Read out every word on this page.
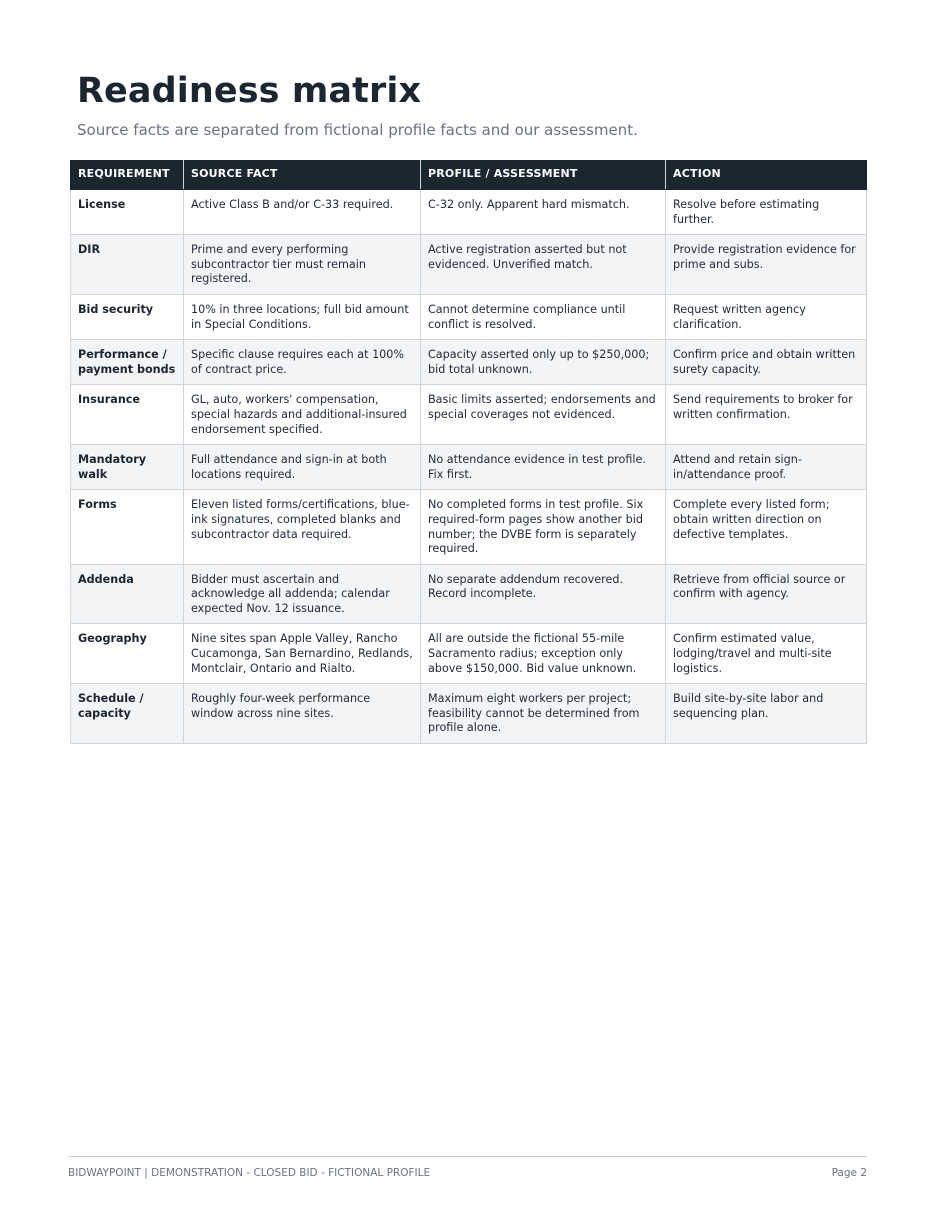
Readiness matrix

Source facts are separated from fictional profile facts and our assessment.

REQUIREMENT	SOURCE FACT	PROFILE / ASSESSMENT	ACTION
License	Active Class B and/or C-33 required.	C-32 only. Apparent hard mismatch.	Resolve before estimating further.
DIR	Prime and every performing subcontractor tier must remain registered.	Active registration asserted but not evidenced. Unverified match.	Provide registration evidence for prime and subs.
Bid security	10% in three locations; full bid amount in Special Conditions.	Cannot determine compliance until conflict is resolved.	Request written agency clarification.
Performance / payment bonds	Specific clause requires each at 100% of contract price.	Capacity asserted only up to $250,000; bid total unknown.	Confirm price and obtain written surety capacity.
Insurance	GL, auto, workers' compensation, special hazards and additional-insured endorsement specified.	Basic limits asserted; endorsements and special coverages not evidenced.	Send requirements to broker for written confirmation.
Mandatory walk	Full attendance and sign-in at both locations required.	No attendance evidence in test profile. Fix first.	Attend and retain sign-in/attendance proof.
Forms	Eleven listed forms/certifications, blue-ink signatures, completed blanks and subcontractor data required.	No completed forms in test profile. Six required-form pages show another bid number; the DVBE form is separately required.	Complete every listed form; obtain written direction on defective templates.
Addenda	Bidder must ascertain and acknowledge all addenda; calendar expected Nov. 12 issuance.	No separate addendum recovered. Record incomplete.	Retrieve from official source or confirm with agency.
Geography	Nine sites span Apple Valley, Rancho Cucamonga, San Bernardino, Redlands, Montclair, Ontario and Rialto.	All are outside the fictional 55-mile Sacramento radius; exception only above $150,000. Bid value unknown.	Confirm estimated value, lodging/travel and multi-site logistics.
Schedule / capacity	Roughly four-week performance window across nine sites.	Maximum eight workers per project; feasibility cannot be determined from profile alone.	Build site-by-site labor and sequencing plan.
BIDWAYPOINT | DEMONSTRATION - CLOSED BID - FICTIONAL PROFILE	Page 2
